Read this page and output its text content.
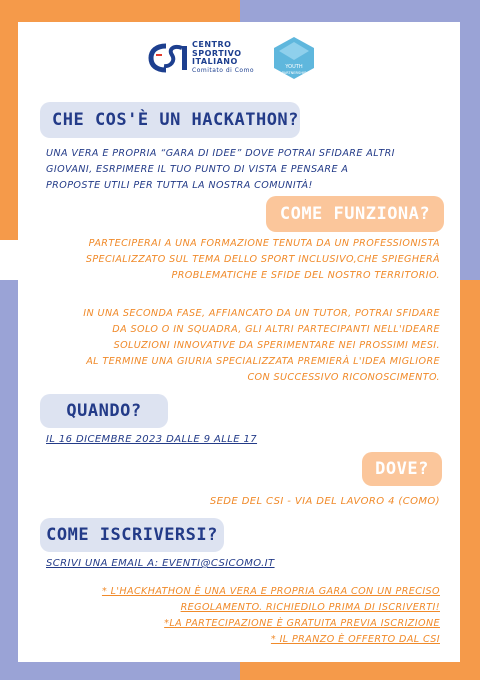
CENTRO
SPORTIVO
ITALIANO
Comitato di Como	YOUTH
PARTNERSHIP
CHE COS'È UN HACKATHON?
UNA VERA E PROPRIA “GARA DI IDEE” DOVE POTRAI SFIDARE ALTRI
GIOVANI, ESRPIMERE IL TUO PUNTO DI VISTA E PENSARE A
PROPOSTE UTILI PER TUTTA LA NOSTRA COMUNITÀ!
COME FUNZIONA?
PARTECIPERAI A UNA FORMAZIONE TENUTA DA UN PROFESSIONISTA
SPECIALIZZATO SUL TEMA DELLO SPORT INCLUSIVO,CHE SPIEGHERÀ
PROBLEMATICHE E SFIDE DEL NOSTRO TERRITORIO.
IN UNA SECONDA FASE, AFFIANCATO DA UN TUTOR, POTRAI SFIDARE
DA SOLO O IN SQUADRA, GLI ALTRI PARTECIPANTI NELL'IDEARE
SOLUZIONI INNOVATIVE DA SPERIMENTARE NEI PROSSIMI MESI.
AL TERMINE UNA GIURIA SPECIALIZZATA PREMIERÀ L'IDEA MIGLIORE
CON SUCCESSIVO RICONOSCIMENTO.
QUANDO?
IL 16 DICEMBRE 2023 DALLE 9 ALLE 17
DOVE?
SEDE DEL CSI - VIA DEL LAVORO 4 (COMO)
COME ISCRIVERSI?
SCRIVI UNA EMAIL A: EVENTI@CSICOMO.IT
* L'HACKHATHON È UNA VERA E PROPRIA GARA CON UN PRECISO
REGOLAMENTO. RICHIEDILO PRIMA DI ISCRIVERTI!
*LA PARTECIPAZIONE È GRATUITA PREVIA ISCRIZIONE
* IL PRANZO È OFFERTO DAL CSI
